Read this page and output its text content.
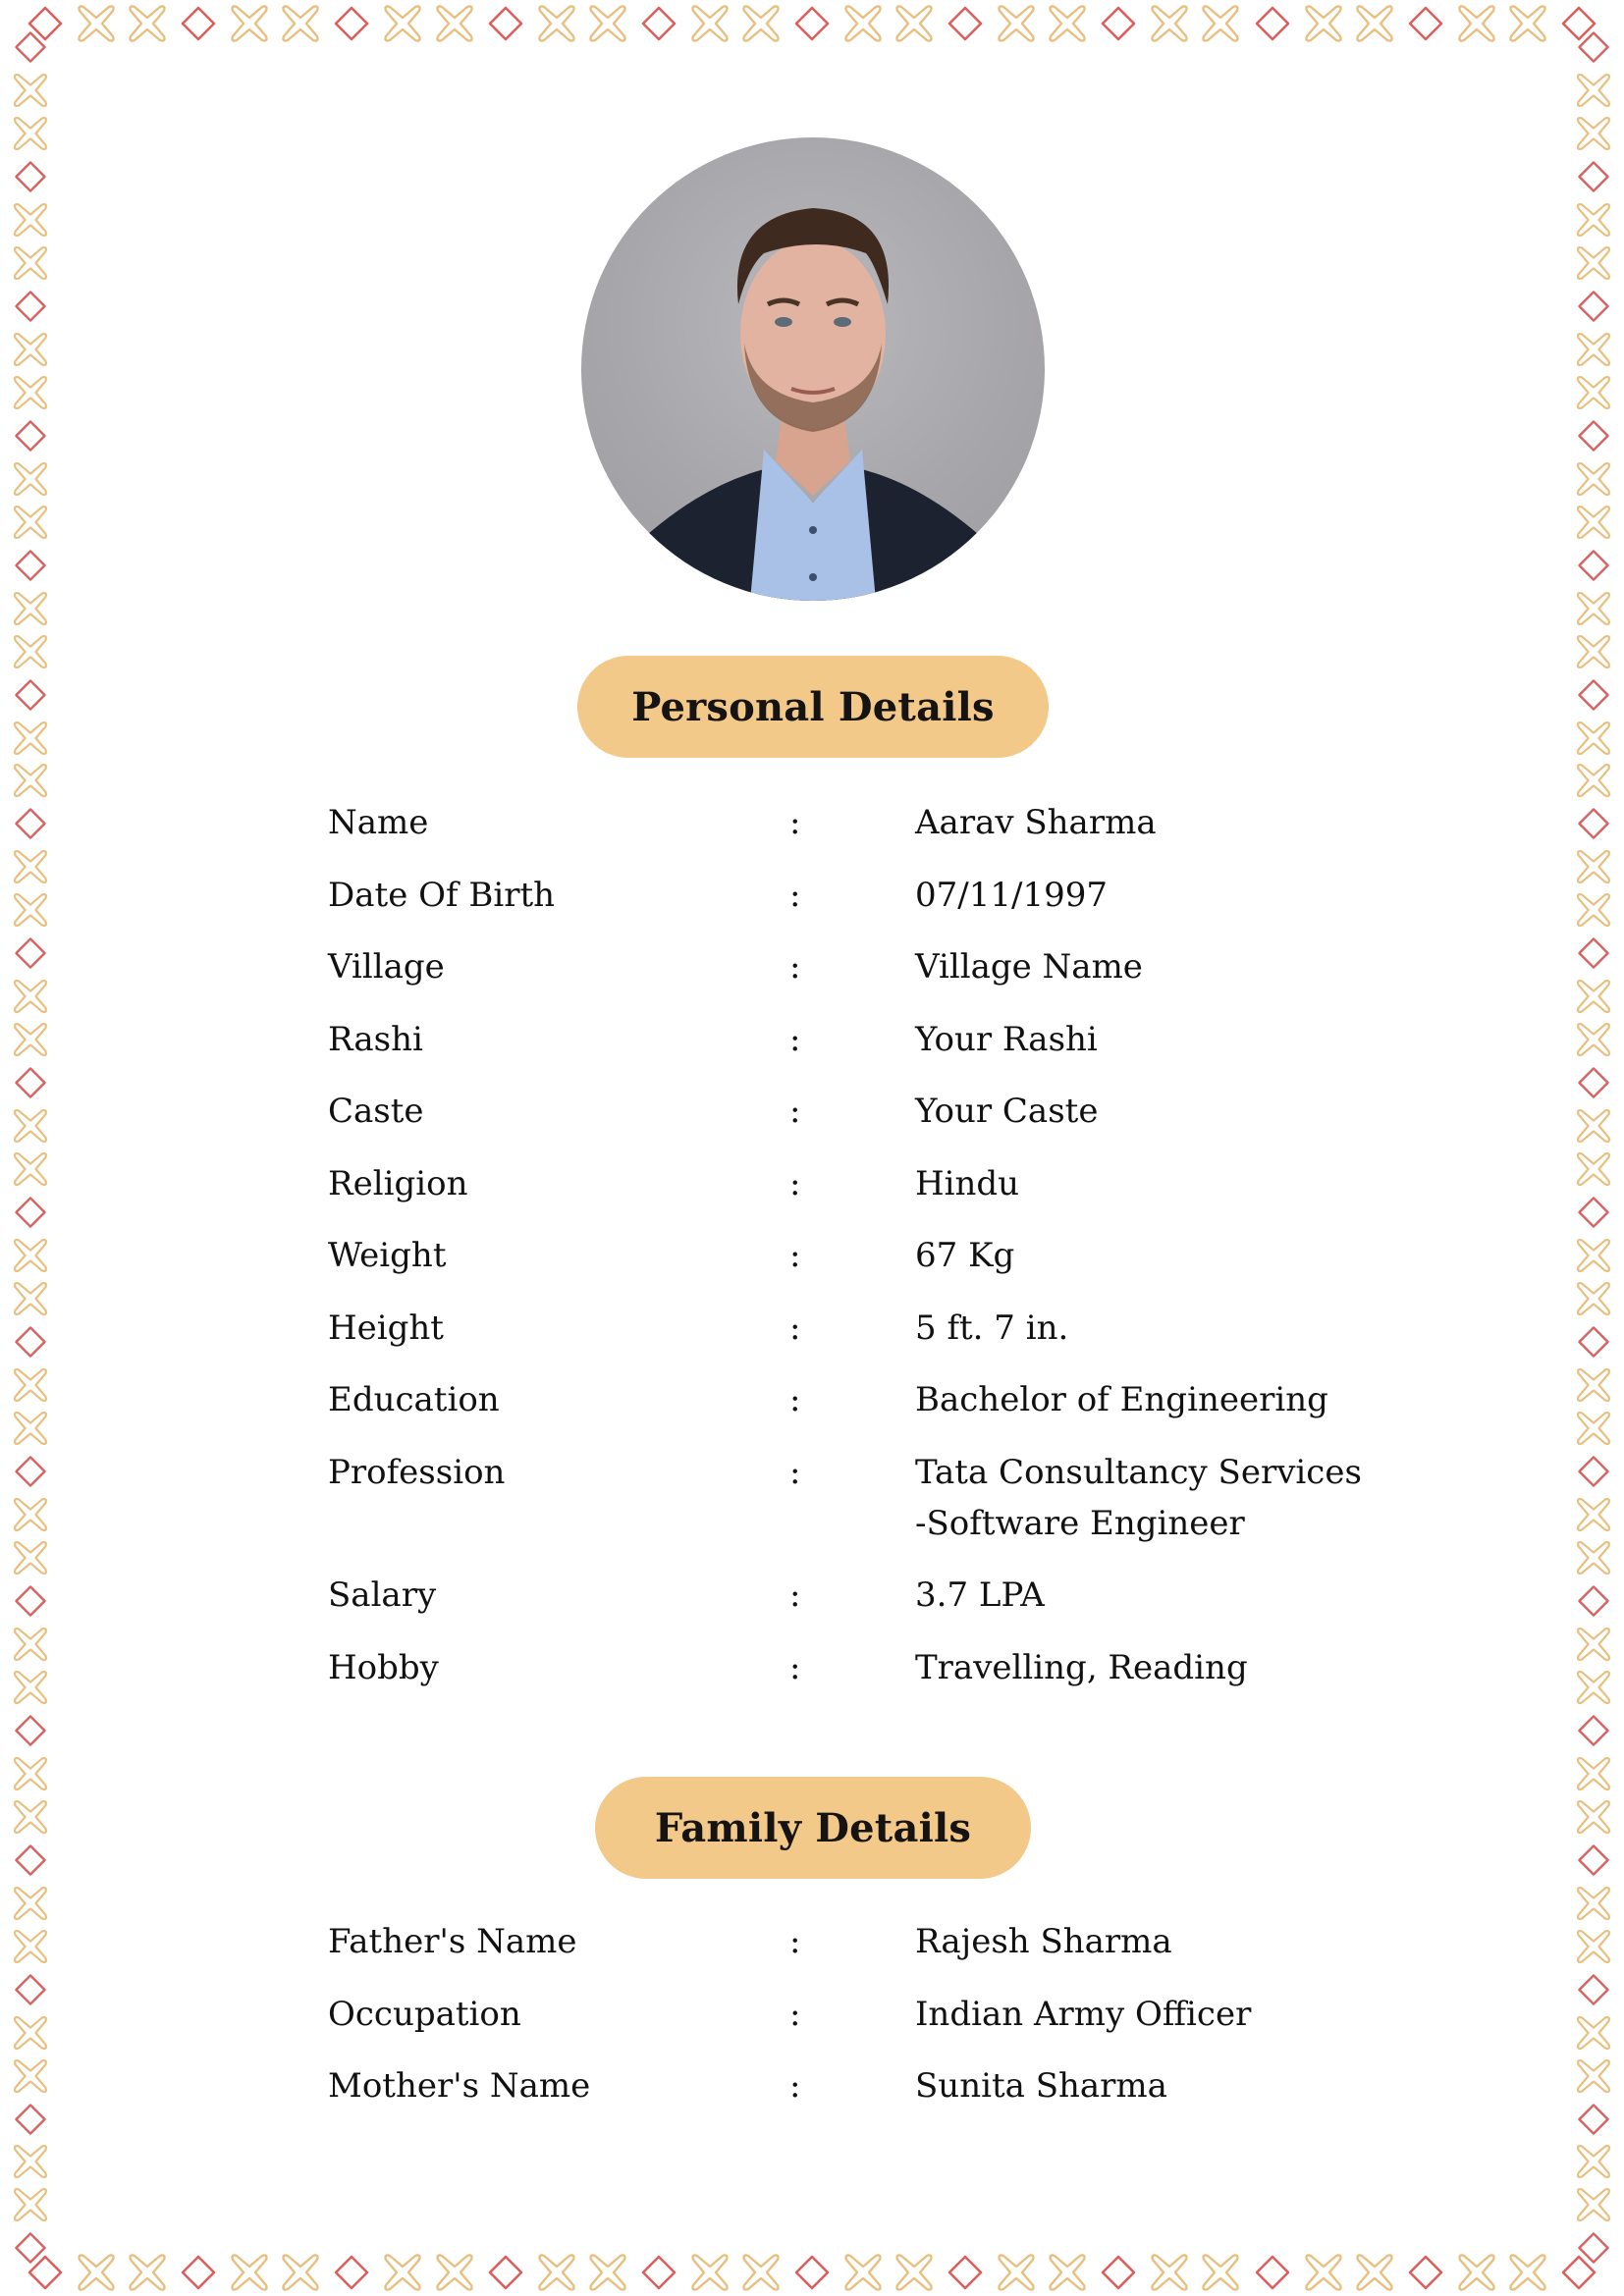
Personal Details
Name	:	Aarav Sharma
Date Of Birth	:	07/11/1997
Village	:	Village Name
Rashi	:	Your Rashi
Caste	:	Your Caste
Religion	:	Hindu
Weight	:	67 Kg
Height	:	5 ft. 7 in.
Education	:	Bachelor of Engineering
Profession	:	Tata Consultancy Services
-Software Engineer
Salary	:	3.7 LPA
Hobby	:	Travelling, Reading
Family Details
Father's Name	:	Rajesh Sharma
Occupation	:	Indian Army Officer
Mother's Name	:	Sunita Sharma
